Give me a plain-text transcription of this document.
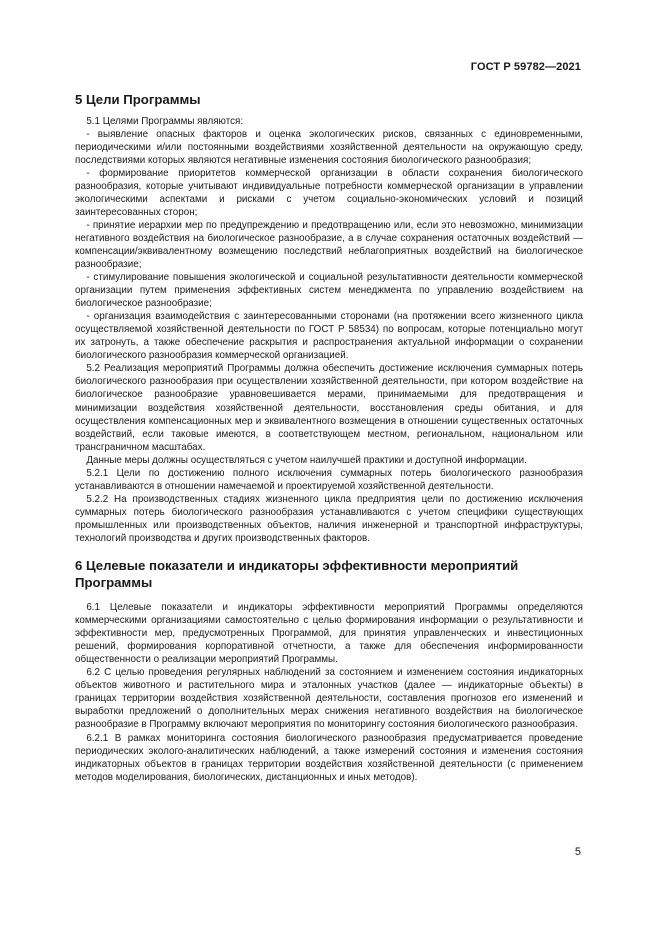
ГОСТ Р 59782—2021
5 Цели Программы

5.1 Целями Программы являются:

- выявление опасных факторов и оценка экологических рисков, связанных с единовременными, периодическими и/или постоянными воздействиями хозяйственной деятельности на окружающую среду, последствиями которых являются негативные изменения состояния биологического разнообразия;

- формирование приоритетов коммерческой организации в области сохранения биологического разнообразия, которые учитывают индивидуальные потребности коммерческой организации в управлении экологическими аспектами и рисками с учетом социально-экономических условий и позиций заинтересованных сторон;

- принятие иерархии мер по предупреждению и предотвращению или, если это невозможно, минимизации негативного воздействия на биологическое разнообразие, а в случае сохранения остаточных воздействий — компенсации/эквивалентному возмещению последствий неблагоприятных воздействий на биологическое разнообразие;

- стимулирование повышения экологической и социальной результативности деятельности коммерческой организации путем применения эффективных систем менеджмента по управлению воздействием на биологическое разнообразие;

- организация взаимодействия с заинтересованными сторонами (на протяжении всего жизненного цикла осуществляемой хозяйственной деятельности по ГОСТ Р 58534) по вопросам, которые потенциально могут их затронуть, а также обеспечение раскрытия и распространения актуальной информации о сохранении биологического разнообразия коммерческой организацией.

5.2 Реализация мероприятий Программы должна обеспечить достижение исключения суммарных потерь биологического разнообразия при осуществлении хозяйственной деятельности, при котором воздействие на биологическое разнообразие уравновешивается мерами, принимаемыми для предотвращения и минимизации воздействия хозяйственной деятельности, восстановления среды обитания, и для осуществления компенсационных мер и эквивалентного возмещения в отношении существенных остаточных воздействий, если таковые имеются, в соответствующем местном, региональном, национальном или трансграничном масштабах.

Данные меры должны осуществляться с учетом наилучшей практики и доступной информации.

5.2.1 Цели по достижению полного исключения суммарных потерь биологического разнообразия устанавливаются в отношении намечаемой и проектируемой хозяйственной деятельности.

5.2.2 На производственных стадиях жизненного цикла предприятия цели по достижению исключения суммарных потерь биологического разнообразия устанавливаются с учетом специфики существующих промышленных или производственных объектов, наличия инженерной и транспортной инфраструктуры, технологий производства и других производственных факторов.

6 Целевые показатели и индикаторы эффективности мероприятий
Программы

6.1 Целевые показатели и индикаторы эффективности мероприятий Программы определяются коммерческими организациями самостоятельно с целью формирования информации о результативности и эффективности мер, предусмотренных Программой, для принятия управленческих и инвестиционных решений, формирования корпоративной отчетности, а также для обеспечения информированности общественности о реализации мероприятий Программы.

6.2 С целью проведения регулярных наблюдений за состоянием и изменением состояния индикаторных объектов животного и растительного мира и эталонных участков (далее — индикаторные объекты) в границах территории воздействия хозяйственной деятельности, составления прогнозов его изменений и выработки предложений о дополнительных мерах снижения негативного воздействия на биологическое разнообразие в Программу включают мероприятия по мониторингу состояния биологического разнообразия.

6.2.1 В рамках мониторинга состояния биологического разнообразия предусматривается проведение периодических эколого-аналитических наблюдений, а также измерений состояния и изменения состояния индикаторных объектов в границах территории воздействия хозяйственной деятельности (с применением методов моделирования, биологических, дистанционных и иных методов).

5
